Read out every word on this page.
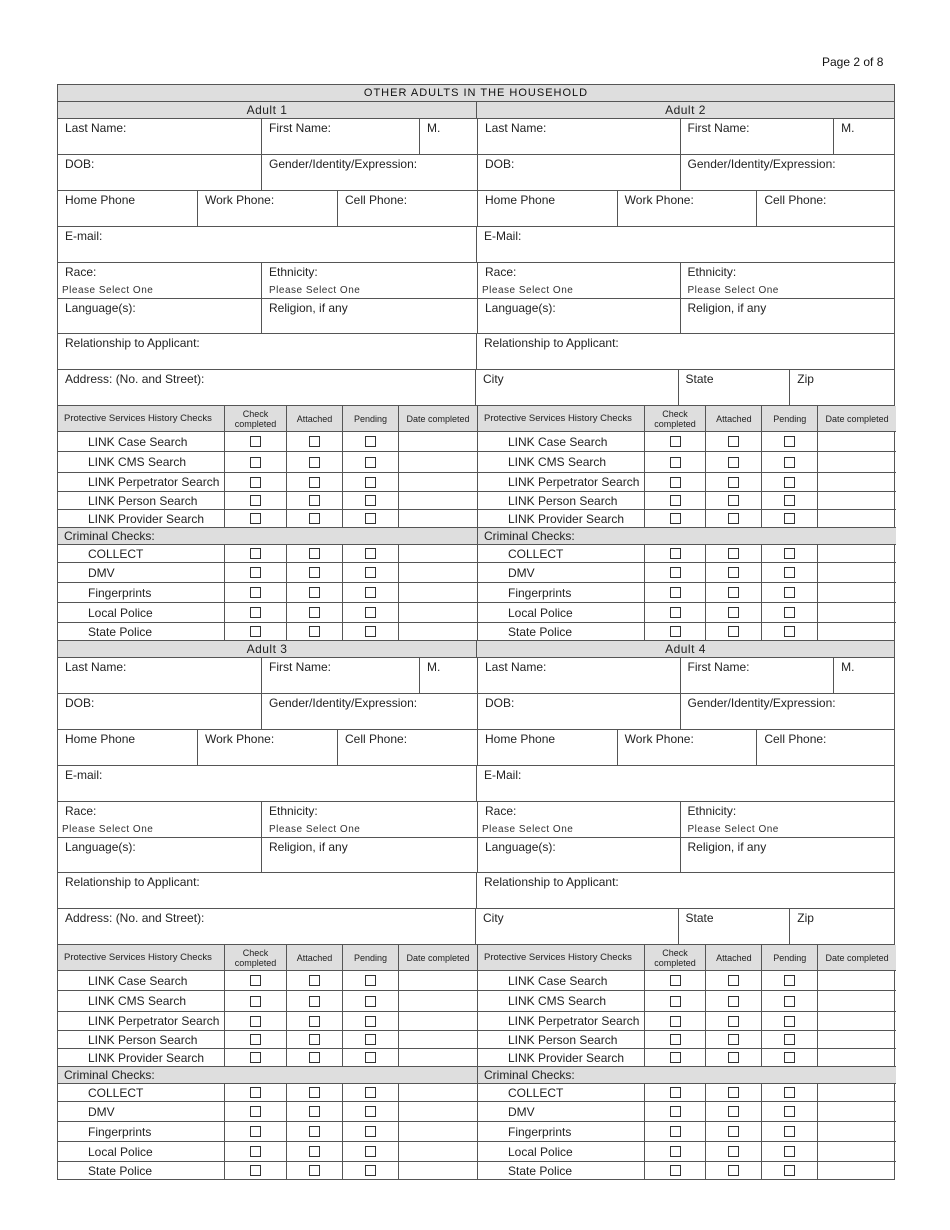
Page 2 of 8
OTHER ADULTS IN THE HOUSEHOLD
Adult 1	Adult 2
Last Name:	First Name:	M.	Last Name:	First Name:	M.
DOB:	Gender/Identity/Expression:	DOB:	Gender/Identity/Expression:
Home Phone	Work Phone:	Cell Phone:	Home Phone	Work Phone:	Cell Phone:
E-mail:	E-Mail:
Race:
Please Select One
Ethnicity:
Please Select One
Race:
Please Select One
Ethnicity:
Please Select One
Language(s):	Religion, if any	Language(s):	Religion, if any
Relationship to Applicant:	Relationship to Applicant:
Address: (No. and Street):	City	State	Zip
Protective Services History Checks	Check completed	Attached	Pending	Date completed
LINK Case Search
LINK CMS Search
LINK Perpetrator Search
LINK Person Search
LINK Provider Search
Criminal Checks:
COLLECT
DMV
Fingerprints
Local Police
State Police
Protective Services History Checks	Check completed	Attached	Pending	Date completed
LINK Case Search
LINK CMS Search
LINK Perpetrator Search
LINK Person Search
LINK Provider Search
Criminal Checks:
COLLECT
DMV
Fingerprints
Local Police
State Police
Adult 3	Adult 4
Last Name:	First Name:	M.	Last Name:	First Name:	M.
DOB:	Gender/Identity/Expression:	DOB:	Gender/Identity/Expression:
Home Phone	Work Phone:	Cell Phone:	Home Phone	Work Phone:	Cell Phone:
E-mail:	E-Mail:
Race:
Please Select One
Ethnicity:
Please Select One
Race:
Please Select One
Ethnicity:
Please Select One
Language(s):	Religion, if any	Language(s):	Religion, if any
Relationship to Applicant:	Relationship to Applicant:
Address: (No. and Street):	City	State	Zip
Protective Services History Checks	Check completed	Attached	Pending	Date completed
LINK Case Search
LINK CMS Search
LINK Perpetrator Search
LINK Person Search
LINK Provider Search
Criminal Checks:
COLLECT
DMV
Fingerprints
Local Police
State Police
Protective Services History Checks	Check completed	Attached	Pending	Date completed
LINK Case Search
LINK CMS Search
LINK Perpetrator Search
LINK Person Search
LINK Provider Search
Criminal Checks:
COLLECT
DMV
Fingerprints
Local Police
State Police
